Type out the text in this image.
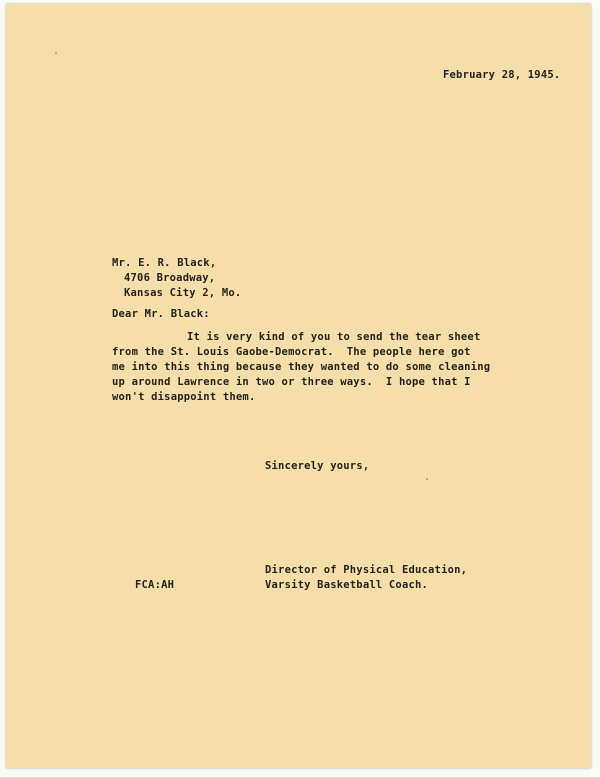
February 28, 1945.
Mr. E. R. Black,
4706 Broadway,
Kansas City 2, Mo.
Dear Mr. Black:
It is very kind of you to send the tear sheet
from the St. Louis Gaobe-Democrat.  The people here got
me into this thing because they wanted to do some cleaning
up around Lawrence in two or three ways.  I hope that I
won't disappoint them.
Sincerely yours,
Director of Physical Education,
Varsity Basketball Coach.
FCA:AH
